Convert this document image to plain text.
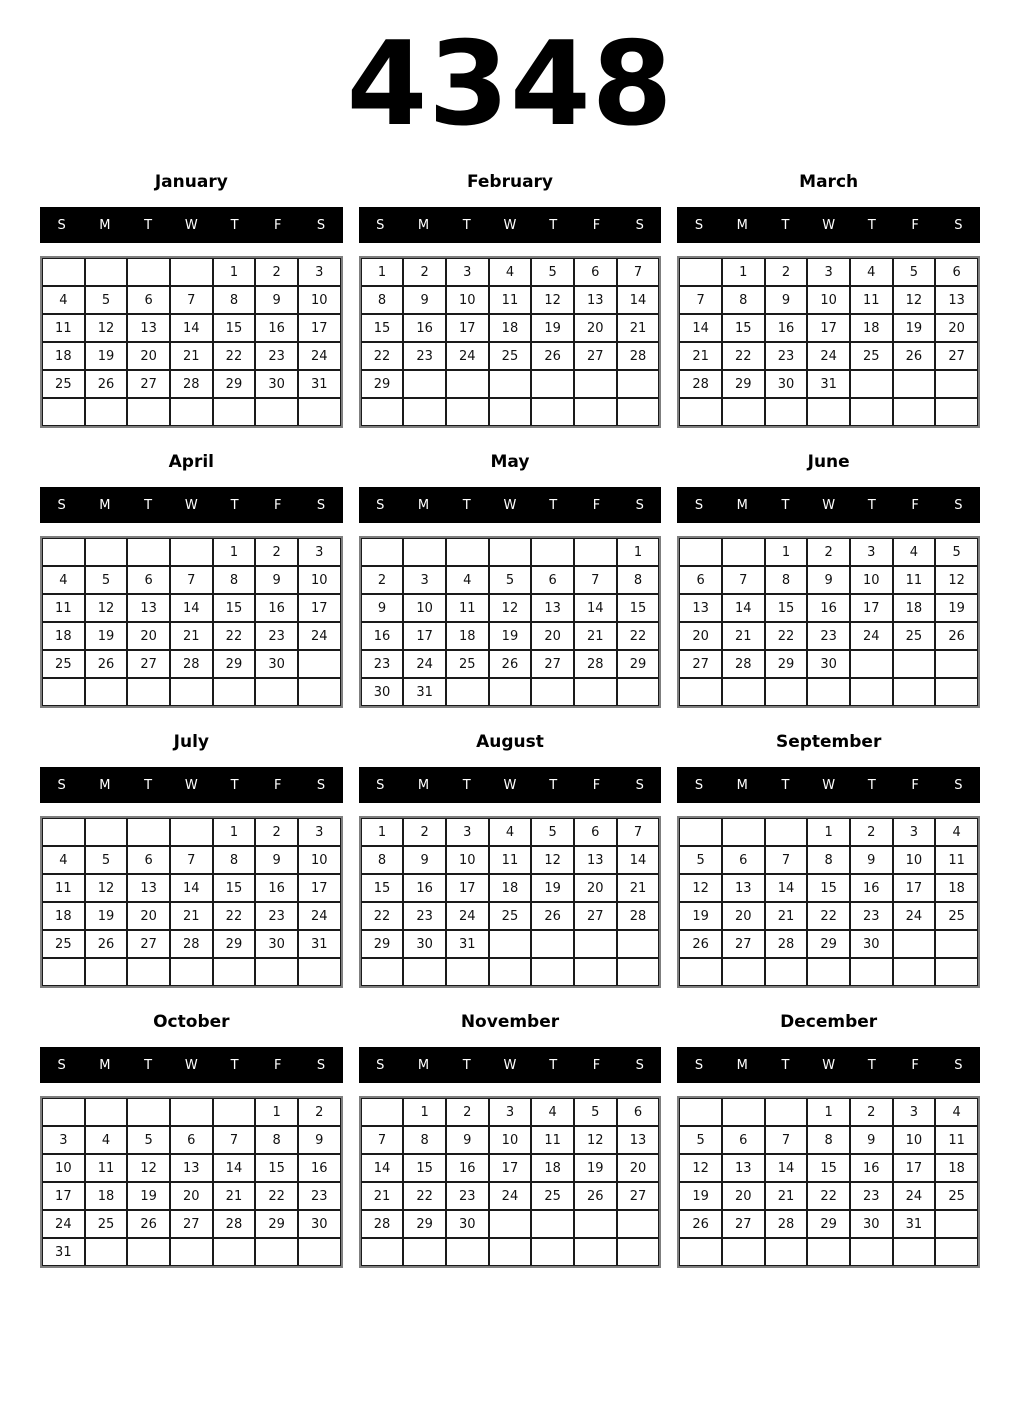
4348
January
S	M	T	W	T	F	S
				1	2	3
4	5	6	7	8	9	10
11	12	13	14	15	16	17
18	19	20	21	22	23	24
25	26	27	28	29	30	31

February
S	M	T	W	T	F	S
1	2	3	4	5	6	7
8	9	10	11	12	13	14
15	16	17	18	19	20	21
22	23	24	25	26	27	28
29						

March
S	M	T	W	T	F	S
	1	2	3	4	5	6
7	8	9	10	11	12	13
14	15	16	17	18	19	20
21	22	23	24	25	26	27
28	29	30	31			

April
S	M	T	W	T	F	S
				1	2	3
4	5	6	7	8	9	10
11	12	13	14	15	16	17
18	19	20	21	22	23	24
25	26	27	28	29	30	

May
S	M	T	W	T	F	S
						1
2	3	4	5	6	7	8
9	10	11	12	13	14	15
16	17	18	19	20	21	22
23	24	25	26	27	28	29
30	31					
June
S	M	T	W	T	F	S
		1	2	3	4	5
6	7	8	9	10	11	12
13	14	15	16	17	18	19
20	21	22	23	24	25	26
27	28	29	30			

July
S	M	T	W	T	F	S
				1	2	3
4	5	6	7	8	9	10
11	12	13	14	15	16	17
18	19	20	21	22	23	24
25	26	27	28	29	30	31

August
S	M	T	W	T	F	S
1	2	3	4	5	6	7
8	9	10	11	12	13	14
15	16	17	18	19	20	21
22	23	24	25	26	27	28
29	30	31				

September
S	M	T	W	T	F	S
			1	2	3	4
5	6	7	8	9	10	11
12	13	14	15	16	17	18
19	20	21	22	23	24	25
26	27	28	29	30		

October
S	M	T	W	T	F	S
					1	2
3	4	5	6	7	8	9
10	11	12	13	14	15	16
17	18	19	20	21	22	23
24	25	26	27	28	29	30
31						
November
S	M	T	W	T	F	S
	1	2	3	4	5	6
7	8	9	10	11	12	13
14	15	16	17	18	19	20
21	22	23	24	25	26	27
28	29	30				

December
S	M	T	W	T	F	S
			1	2	3	4
5	6	7	8	9	10	11
12	13	14	15	16	17	18
19	20	21	22	23	24	25
26	27	28	29	30	31	
